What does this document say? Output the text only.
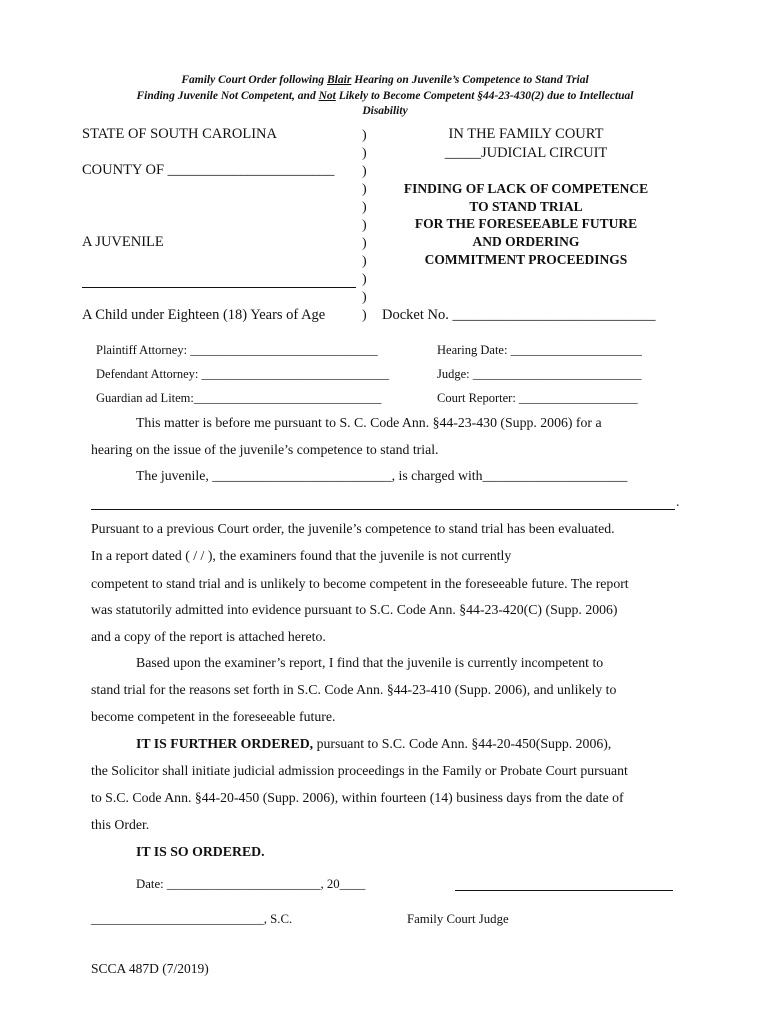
Family Court Order following Blair Hearing on Juvenile’s Competence to Stand Trial
Finding Juvenile Not Competent, and Not Likely to Become Competent §44-23-430(2) due to Intellectual
Disability
STATE OF SOUTH CAROLINA
COUNTY OF _______________________
A JUVENILE
A Child under Eighteen (18) Years of Age
)
)
)
)
)
)
)
)
)
)
)
IN THE FAMILY COURT
_____JUDICIAL CIRCUIT
FINDING OF LACK OF COMPETENCE
TO STAND TRIAL
FOR THE FORESEEABLE FUTURE
AND ORDERING
COMMITMENT PROCEEDINGS
Docket No. ____________________________
Plaintiff Attorney: ______________________________
Defendant Attorney: ______________________________
Guardian ad Litem:______________________________
Hearing Date: _____________________
Judge: ___________________________
Court Reporter: ___________________
This matter is before me pursuant to S. C. Code Ann. §44-23-430 (Supp. 2006) for a
hearing on the issue of the juvenile’s competence to stand trial.
The juvenile, __________________________, is charged with_____________________
.
Pursuant to a previous Court order, the juvenile’s competence to stand trial has been evaluated.
In a report dated ( / / ), the examiners found that the juvenile is not currently
competent to stand trial and is unlikely to become competent in the foreseeable future. The report
was statutorily admitted into evidence pursuant to S.C. Code Ann. §44-23-420(C) (Supp. 2006)
and a copy of the report is attached hereto.
Based upon the examiner’s report, I find that the juvenile is currently incompetent to
stand trial for the reasons set forth in S.C. Code Ann. §44-23-410 (Supp. 2006), and unlikely to
become competent in the foreseeable future.
IT IS FURTHER ORDERED, pursuant to S.C. Code Ann. §44-20-450(Supp. 2006),
the Solicitor shall initiate judicial admission proceedings in the Family or Probate Court pursuant
to S.C. Code Ann. §44-20-450 (Supp. 2006), within fourteen (14) business days from the date of
this Order.
IT IS SO ORDERED.
Date: ________________________, 20____
___________________________, S.C.	Family Court Judge
SCCA 487D (7/2019)
